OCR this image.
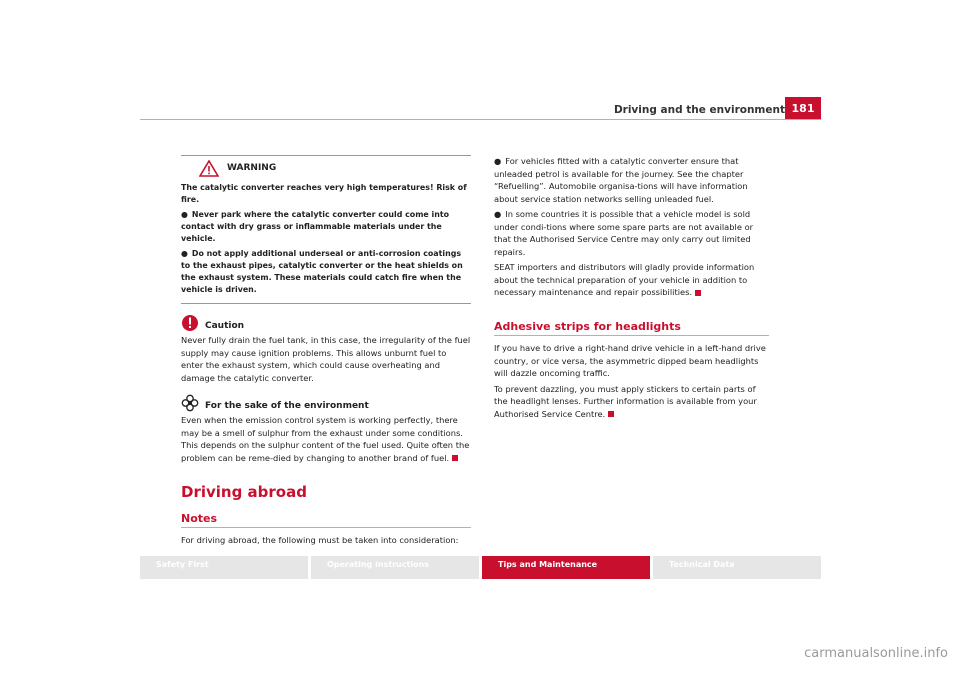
Driving and the environment 181
WARNING

The catalytic converter reaches very high temperatures! Risk of fire.

● Never park where the catalytic converter could come into contact with dry grass or inflammable materials under the vehicle.

● Do not apply additional underseal or anti-corrosion coatings to the exhaust pipes, catalytic converter or the heat shields on the exhaust system. These materials could catch fire when the vehicle is driven.

Caution

Never fully drain the fuel tank, in this case, the irregularity of the fuel supply may cause ignition problems. This allows unburnt fuel to enter the exhaust system, which could cause overheating and damage the catalytic converter.

For the sake of the environment

Even when the emission control system is working perfectly, there may be a smell of sulphur from the exhaust under some conditions. This depends on the sulphur content of the fuel used. Quite often the problem can be reme-died by changing to another brand of fuel.

Driving abroad
Notes

For driving abroad, the following must be taken into consideration:

● For vehicles fitted with a catalytic converter ensure that unleaded petrol is available for the journey. See the chapter “Refuelling”. Automobile organisa-tions will have information about service station networks selling unleaded fuel.

● In some countries it is possible that a vehicle model is sold under condi-tions where some spare parts are not available or that the Authorised Service Centre may only carry out limited repairs.

SEAT importers and distributors will gladly provide information about the technical preparation of your vehicle in addition to necessary maintenance and repair possibilities.

Adhesive strips for headlights

If you have to drive a right-hand drive vehicle in a left-hand drive country, or vice versa, the asymmetric dipped beam headlights will dazzle oncoming traffic.

To prevent dazzling, you must apply stickers to certain parts of the headlight lenses. Further information is available from your Authorised Service Centre.

Safety First	Operating instructions	Tips and Maintenance	Technical Data
carmanualsonline.info
